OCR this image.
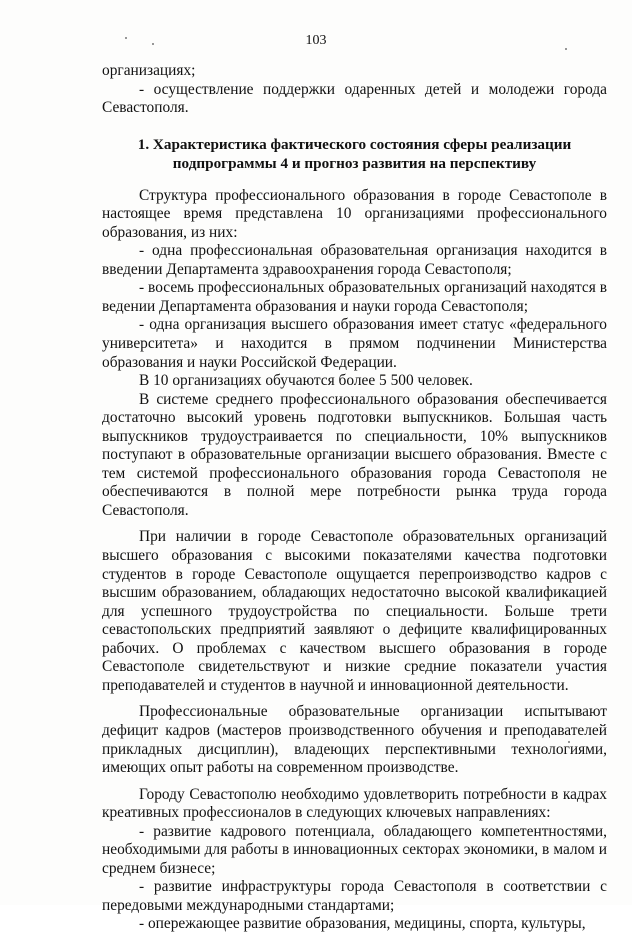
103

организациях;

- осуществление поддержки одаренных детей и молодежи города Севастополя.

1. Характеристика фактического состояния сферы реализации
подпрограммы 4 и прогноз развития на перспективу

Структура профессионального образования в городе Севастополе в настоящее время представлена 10 организациями профессионального образования, из них:

- одна профессиональная образовательная организация находится в введении Департамента здравоохранения города Севастополя;

- восемь профессиональных образовательных организаций находятся в ведении Департамента образования и науки города Севастополя;

- одна организация высшего образования имеет статус «федерального университета» и находится в прямом подчинении Министерства образования и науки Российской Федерации.

В 10 организациях обучаются более 5 500 человек.

В системе среднего профессионального образования обеспечивается достаточно высокий уровень подготовки выпускников. Большая часть выпускников трудоустраивается по специальности, 10% выпускников поступают в образовательные организации высшего образования. Вместе с тем системой профессионального образования города Севастополя не обеспечиваются в полной мере потребности рынка труда города Севастополя.

При наличии в городе Севастополе образовательных организаций высшего образования с высокими показателями качества подготовки студентов в городе Севастополе ощущается перепроизводство кадров с высшим образованием, обладающих недостаточно высокой квалификацией для успешного трудоустройства по специальности. Больше трети севастопольских предприятий заявляют о дефиците квалифицированных рабочих. О проблемах с качеством высшего образования в городе Севастополе свидетельствуют и низкие средние показатели участия преподавателей и студентов в научной и инновационной деятельности.

Профессиональные образовательные организации испытывают дефицит кадров (мастеров производственного обучения и преподавателей прикладных дисциплин), владеющих перспективными технологиями, имеющих опыт работы на современном производстве.

Городу Севастополю необходимо удовлетворить потребности в кадрах креативных профессионалов в следующих ключевых направлениях:

- развитие кадрового потенциала, обладающего компетентностями, необходимыми для работы в инновационных секторах экономики, в малом и среднем бизнесе;

- развитие инфраструктуры города Севастополя в соответствии с передовыми международными стандартами;

- опережающее развитие образования, медицины, спорта, культуры,
